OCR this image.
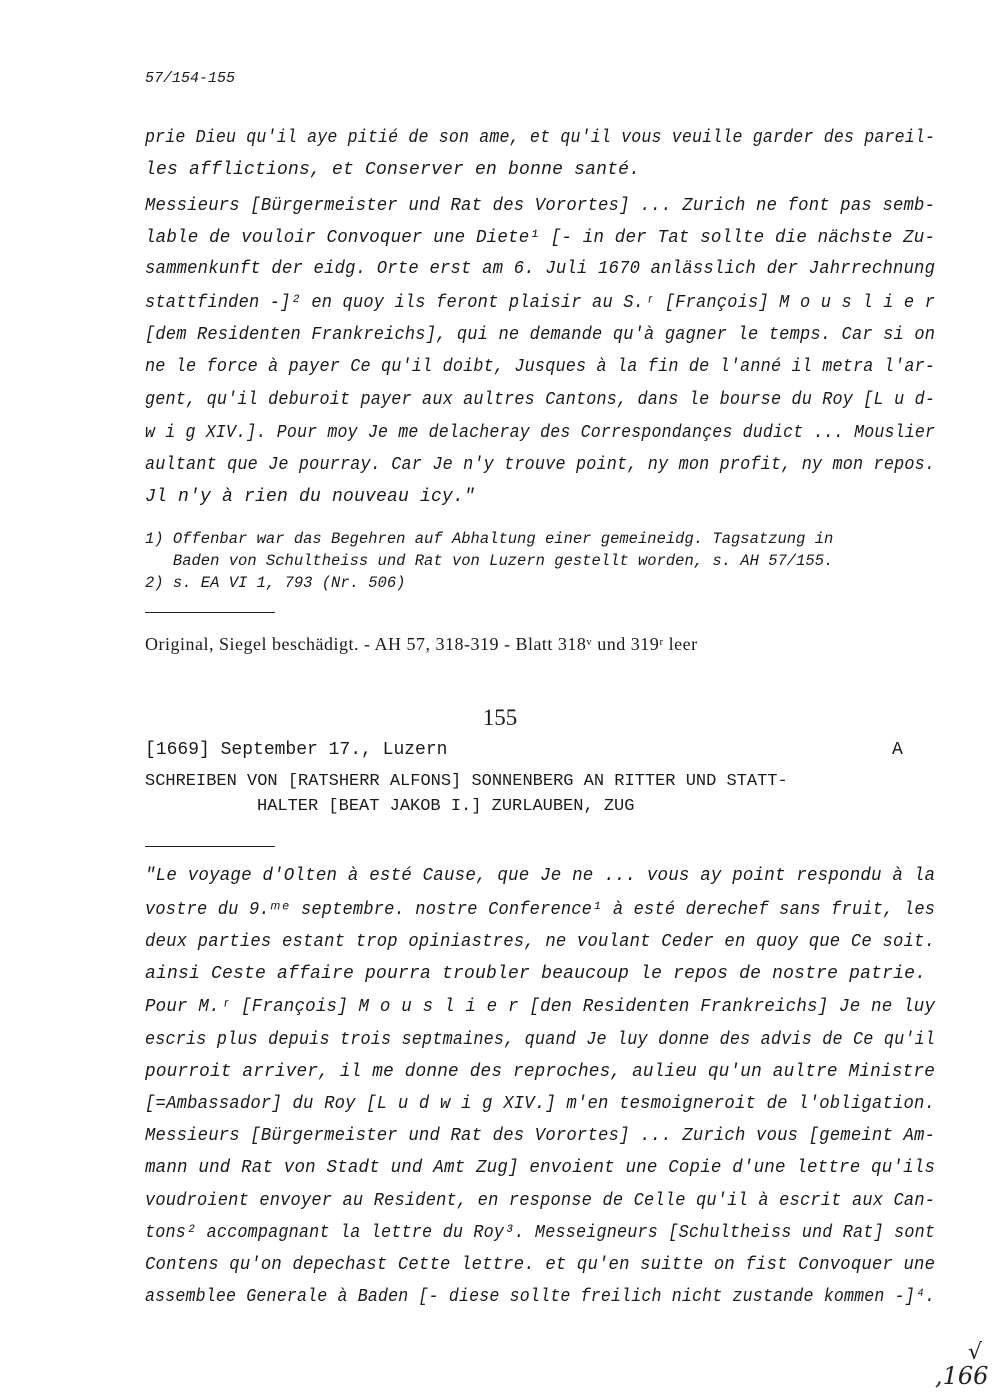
57/154-155
prie Dieu qu'il aye pitié de son ame, et qu'il vous veuille garder des pareil-
les afflictions, et Conserver en bonne santé.
Messieurs [Bürgermeister und Rat des Vorortes] ... Zurich ne font pas semb-
lable de vouloir Convoquer une Diete¹ [- in der Tat sollte die nächste Zu-
sammenkunft der eidg. Orte erst am 6. Juli 1670 anlässlich der Jahrrechnung
stattfinden -]² en quoy ils feront plaisir au S.ʳ [François] M o u s l i e r
[dem Residenten Frankreichs], qui ne demande qu'à gagner le temps. Car si on
ne le force à payer Ce qu'il doibt, Jusques à la fin de l'anné il metra l'ar-
gent, qu'il deburoit payer aux aultres Cantons, dans le bourse du Roy [L u d-
w i g XIV.]. Pour moy Je me delacheray des Correspondançes dudict ... Mouslier
aultant que Je pourray. Car Je n'y trouve point, ny mon profit, ny mon repos.
Jl n'y à rien du nouveau icy."
1) Offenbar war das Begehren auf Abhaltung einer gemeineidg. Tagsatzung in
Baden von Schultheiss und Rat von Luzern gestellt worden, s. AH 57/155.
2) s. EA VI 1, 793 (Nr. 506)
Original, Siegel beschädigt. - AH 57, 318-319 - Blatt 318ᵛ und 319ʳ leer
155
[1669] September 17., Luzern	A
SCHREIBEN VON [RATSHERR ALFONS] SONNENBERG AN RITTER UND STATT-
HALTER [BEAT JAKOB I.] ZURLAUBEN, ZUG
"Le voyage d'Olten à esté Cause, que Je ne ... vous ay point respondu à la
vostre du 9.ᵐᵉ septembre. nostre Conference¹ à esté derechef sans fruit, les
deux parties estant trop opiniastres, ne voulant Ceder en quoy que Ce soit.
ainsi Ceste affaire pourra troubler beaucoup le repos de nostre patrie.
Pour M.ʳ [François] M o u s l i e r [den Residenten Frankreichs] Je ne luy
escris plus depuis trois septmaines, quand Je luy donne des advis de Ce qu'il
pourroit arriver, il me donne des reproches, aulieu qu'un aultre Ministre
[=Ambassador] du Roy [L u d w i g XIV.] m'en tesmoigneroit de l'obligation.
Messieurs [Bürgermeister und Rat des Vorortes] ... Zurich vous [gemeint Am-
mann und Rat von Stadt und Amt Zug] envoient une Copie d'une lettre qu'ils
voudroient envoyer au Resident, en response de Celle qu'il à escrit aux Can-
tons² accompagnant la lettre du Roy³. Messeigneurs [Schultheiss und Rat] sont
Contens qu'on depechast Cette lettre. et qu'en suitte on fist Convoquer une
assemblee Generale à Baden [- diese sollte freilich nicht zustande kommen -]⁴.
√
,166
